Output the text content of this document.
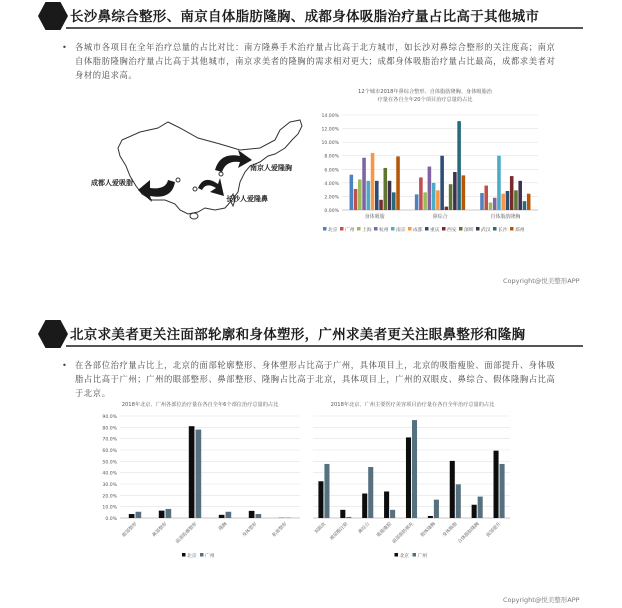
长沙鼻综合整形、南京自体脂肪隆胸、成都身体吸脂治疗量占比高于其他城市
• 各城市各项目在全年治疗总量的占比对比：南方隆鼻手术治疗量占比高于北方城市，如长沙对鼻综合整形的关注度高；南京自体脂肪隆胸治疗量占比高于其他城市，南京求美者的隆胸的需求相对更大；成都身体吸脂治疗量占比最高，成都求美者对身材的追求高。
南京人爱隆胸
成都人爱吸脂
长沙人爱隆鼻
12个城市2018年鼻综合整形、自体脂肪隆胸、身体吸脂治
疗量在各自全年20个项目治疗总量的占比
0.00%
2.00%
4.00%
6.00%
8.00%
10.00%
12.00%
14.00%
身体吸脂	鼻综合	自体脂肪隆胸
北京 广州 上海 杭州 南京 成都 重庆 西安 深圳 武汉 长沙 郑州
Copyright@悦美整形APP
北京求美者更关注面部轮廓和身体塑形，广州求美者更关注眼鼻整形和隆胸
• 在各部位治疗量占比上，北京的面部轮廓整形、身体塑形占比高于广州，具体项目上，北京的吸脂瘦脸、面部提升、身体吸脂占比高于广州；广州的眼部整形、鼻部整形、隆胸占比高于北京，具体项目上，广州的双眼皮、鼻综合、假体隆胸占比高于北京。
2018年北京、广州各部位治疗量在各自全年6个部位治疗总量的占比
0.0%
10.0%
20.0%
30.0%
40.0%
50.0%
60.0%
70.0%
80.0%
90.0%
眼部整形	鼻部整形	面部轮廓整形	隆胸	身体塑形	私密整形
北京 广州
2018年北京、广州主要医疗美容项目治疗量在各自全年治疗总量的占比
双眼皮 玻尿酸注射	鼻综合	吸脂瘦脸
面部脂肪填充	假体隆胸	身体吸脂
自体脂肪隆胸	面部提升
北京 广州
Copyright@悦美整形APP
